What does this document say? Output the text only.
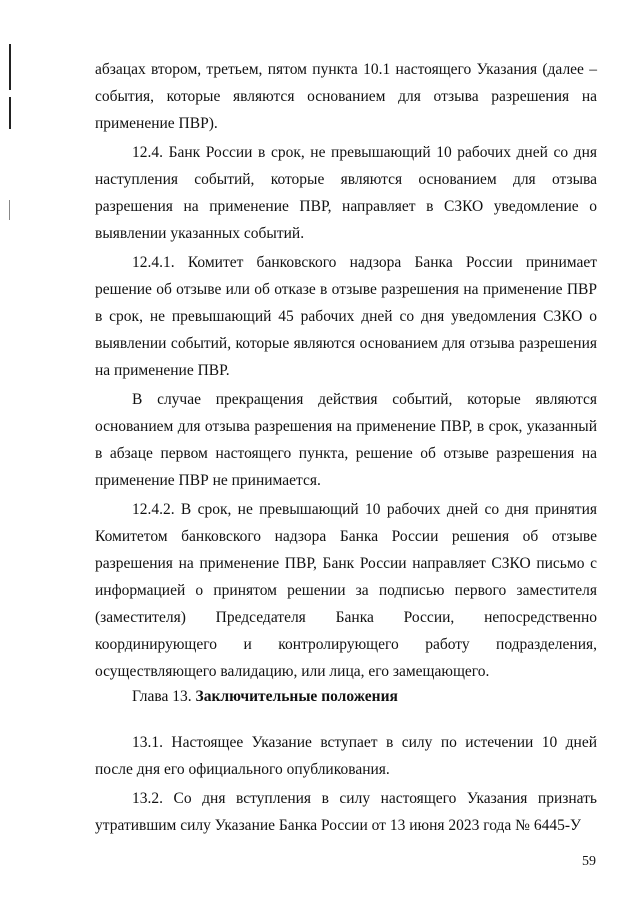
абзацах втором, третьем, пятом пункта 10.1 настоящего Указания (далее – события, которые являются основанием для отзыва разрешения на применение ПВР).

12.4. Банк России в срок, не превышающий 10 рабочих дней со дня наступления событий, которые являются основанием для отзыва разрешения на применение ПВР, направляет в СЗКО уведомление о выявлении указанных событий.

12.4.1. Комитет банковского надзора Банка России принимает решение об отзыве или об отказе в отзыве разрешения на применение ПВР в срок, не превышающий 45 рабочих дней со дня уведомления СЗКО о выявлении событий, которые являются основанием для отзыва разрешения на применение ПВР.

В случае прекращения действия событий, которые являются основанием для отзыва разрешения на применение ПВР, в срок, указанный в абзаце первом настоящего пункта, решение об отзыве разрешения на применение ПВР не принимается.

12.4.2. В срок, не превышающий 10 рабочих дней со дня принятия Комитетом банковского надзора Банка России решения об отзыве разрешения на применение ПВР, Банк России направляет СЗКО письмо с информацией о принятом решении за подписью первого заместителя (заместителя) Председателя Банка России, непосредственно координирующего и контролирующего работу подразделения, осуществляющего валидацию, или лица, его замещающего.

Глава 13. Заключительные положения

13.1. Настоящее Указание вступает в силу по истечении 10 дней после дня его официального опубликования.

13.2. Со дня вступления в силу настоящего Указания признать утратившим силу Указание Банка России от 13 июня 2023 года № 6445-У

59
